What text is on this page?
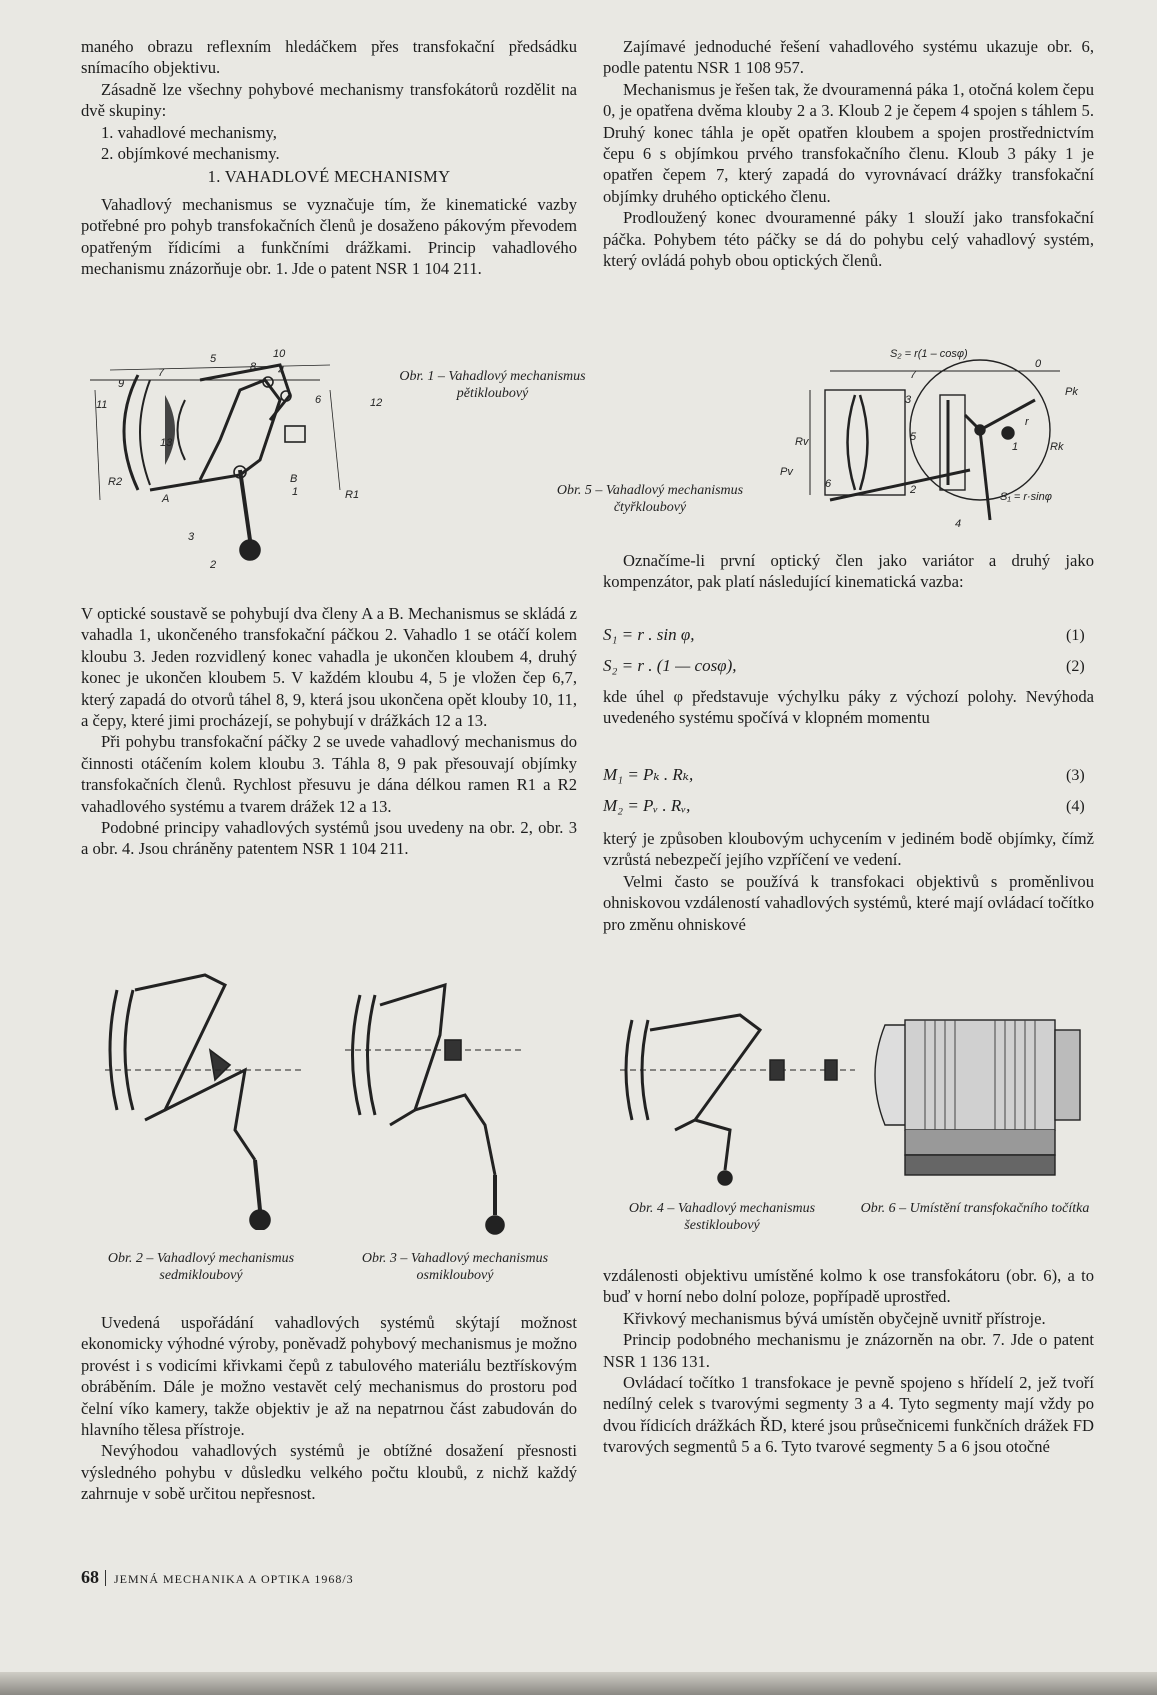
maného obrazu reflexním hledáčkem přes transfokační předsádku snímacího objektivu.

Zásadně lze všechny pohybové mechanismy transfokátorů rozdělit na dvě skupiny:

1. vahadlové mechanismy,

2. objímkové mechanismy.

1. VAHADLOVÉ MECHANISMY

Vahadlový mechanismus se vyznačuje tím, že kinematické vazby potřebné pro pohyb transfokačních členů je dosaženo pákovým převodem opatřeným řídicími a funkčními drážkami. Princip vahadlového mechanismu znázorňuje obr. 1. Jde o patent NSR 1 104 211.

10
5
8 4
7
9
6	12
11
13
R2
A
B
1	R1
3
2
Obr. 1 – Vahadlový mechanismus pětikloubový

V optické soustavě se pohybují dva členy A a B. Mechanismus se skládá z vahadla 1, ukončeného transfokační páčkou 2. Vahadlo 1 se otáčí kolem kloubu 3. Jeden rozvidlený konec vahadla je ukončen kloubem 4, druhý konec je ukončen kloubem 5. V každém kloubu 4, 5 je vložen čep 6,7, který zapadá do otvorů táhel 8, 9, která jsou ukončena opět klouby 10, 11, a čepy, které jimi procházejí, se pohybují v drážkách 12 a 13.

Při pohybu transfokační páčky 2 se uvede vahadlový mechanismus do činnosti otáčením kolem kloubu 3. Táhla 8, 9 pak přesouvají objímky transfokačních členů. Rychlost přesuvu je dána délkou ramen R1 a R2 vahadlového systému a tvarem drážek 12 a 13.

Podobné principy vahadlových systémů jsou uvedeny na obr. 2, obr. 3 a obr. 4. Jsou chráněny patentem NSR 1 104 211.

Obr. 2 – Vahadlový mechanismus sedmikloubový
Obr. 3 – Vahadlový mechanismus osmikloubový

Uvedená uspořádání vahadlových systémů skýtají možnost ekonomicky výhodné výroby, poněvadž pohybový mechanismus je možno provést i s vodicími křivkami čepů z tabulového materiálu beztřískovým obráběním. Dále je možno vestavět celý mechanismus do prostoru pod čelní víko kamery, takže objektiv je až na nepatrnou část zabudován do hlavního tělesa přístroje.

Nevýhodou vahadlových systémů je obtížné dosažení přesnosti výsledného pohybu v důsledku velkého počtu kloubů, z nichž každý zahrnuje v sobě určitou nepřesnost.

Zajímavé jednoduché řešení vahadlového systému ukazuje obr. 6, podle patentu NSR 1 108 957.

Mechanismus je řešen tak, že dvouramenná páka 1, otočná kolem čepu 0, je opatřena dvěma klouby 2 a 3. Kloub 2 je čepem 4 spojen s táhlem 5. Druhý konec táhla je opět opatřen kloubem a spojen prostřednictvím čepu 6 s objímkou prvého transfokačního členu. Kloub 3 páky 1 je opatřen čepem 7, který zapadá do vyrovnávací drážky transfokační objímky druhého optického členu.

Prodloužený konec dvouramenné páky 1 slouží jako transfokační páčka. Pohybem této páčky se dá do pohybu celý vahadlový systém, který ovládá pohyb obou optických členů.

S₂ = r(1 – cosφ)
0
7
3
Pk
r
Rv	5
1	Rk
Pv
6	2
S₁ = r·sinφ
4
Obr. 5 – Vahadlový mechanismus čtyřkloubový

Označíme-li první optický člen jako variátor a druhý jako kompenzátor, pak platí následující kinematická vazba:

S₁ = r . sin φ,	(1)
S₂ = r . (1 — cosφ),	(2)

kde úhel φ představuje výchylku páky z výchozí polohy. Nevýhoda uvedeného systému spočívá v klopném momentu

M₁ = Pₖ . Rₖ,	(3)
M₂ = Pᵥ . Rᵥ,	(4)

který je způsoben kloubovým uchycením v jediném bodě objímky, čímž vzrůstá nebezpečí jejího vzpříčení ve vedení.

Velmi často se používá k transfokaci objektivů s proměnlivou ohniskovou vzdáleností vahadlových systémů, které mají ovládací točítko pro změnu ohniskové

Obr. 4 – Vahadlový mechanismus šestikloubový
Obr. 6 – Umístění transfokačního točítka

vzdálenosti objektivu umístěné kolmo k ose transfokátoru (obr. 6), a to buď v horní nebo dolní poloze, popřípadě uprostřed.

Křivkový mechanismus bývá umístěn obyčejně uvnitř přístroje.

Princip podobného mechanismu je znázorněn na obr. 7. Jde o patent NSR 1 136 131.

Ovládací točítko 1 transfokace je pevně spojeno s hřídelí 2, jež tvoří nedílný celek s tvarovými segmenty 3 a 4. Tyto segmenty mají vždy po dvou řídicích drážkách ŘD, které jsou průsečnicemi funkčních drážek FD tvarových segmentů 5 a 6. Tyto tvarové segmenty 5 a 6 jsou otočné

68 JEMNÁ MECHANIKA A OPTIKA 1968/3
